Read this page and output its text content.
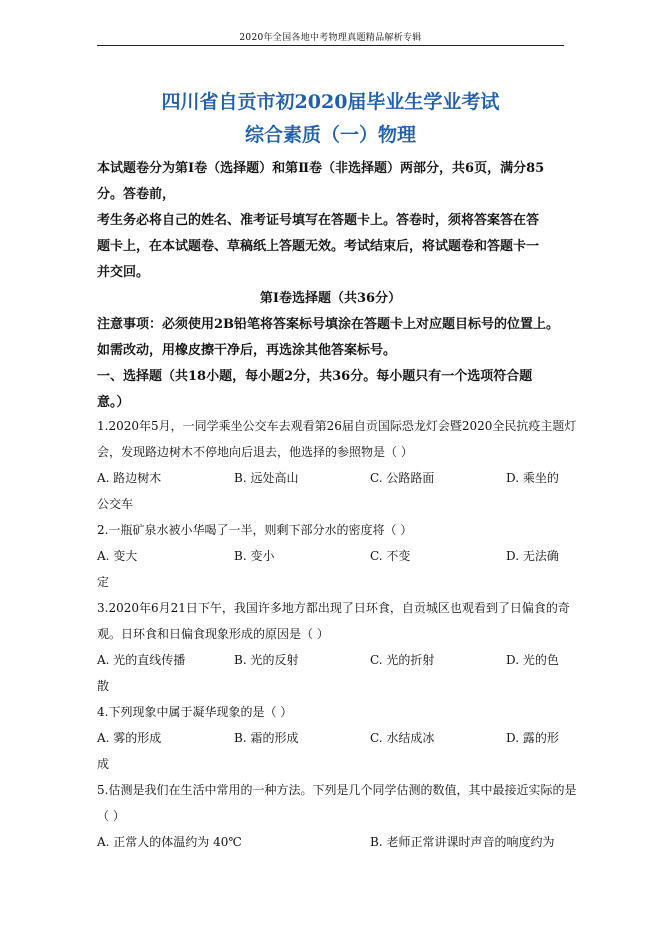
2020年全国各地中考物理真题精品解析专辑
四川省自贡市初2020届毕业生学业考试
综合素质（一）物理
本试题卷分为第Ⅰ卷（选择题）和第Ⅱ卷（非选择题）两部分，共6页，满分85
分。答卷前，
考生务必将自己的姓名、准考证号填写在答题卡上。答卷时，须将答案答在答
题卡上，在本试题卷、草稿纸上答题无效。考试结束后，将试题卷和答题卡一
并交回。
第Ⅰ卷选择题（共36分）
注意事项：必须使用2B铅笔将答案标号填涂在答题卡上对应题目标号的位置上。
如需改动，用橡皮擦干净后，再选涂其他答案标号。
一、选择题（共18小题，每小题2分，共36分。每小题只有一个选项符合题
意。）
1.2020年5月，一同学乘坐公交车去观看第26届自贡国际恐龙灯会暨2020全民抗疫主题灯
会，发现路边树木不停地向后退去，他选择的参照物是（ ）
A. 路边树木	B. 远处高山	C. 公路路面	D. 乘坐的
公交车
2.一瓶矿泉水被小华喝了一半，则剩下部分水的密度将（ ）
A. 变大	B. 变小	C. 不变	D. 无法确
定
3.2020年6月21日下午，我国许多地方都出现了日环食，自贡城区也观看到了日偏食的奇
观。日环食和日偏食现象形成的原因是（ ）
A. 光的直线传播	B. 光的反射	C. 光的折射	D. 光的色
散
4.下列现象中属于凝华现象的是（ ）
A. 雾的形成	B. 霜的形成	C. 水结成冰	D. 露的形
成
5.估测是我们在生活中常用的一种方法。下列是几个同学估测的数值，其中最接近实际的是
（ ）
A. 正常人的体温约为 40℃	B. 老师正常讲课时声音的响度约为
